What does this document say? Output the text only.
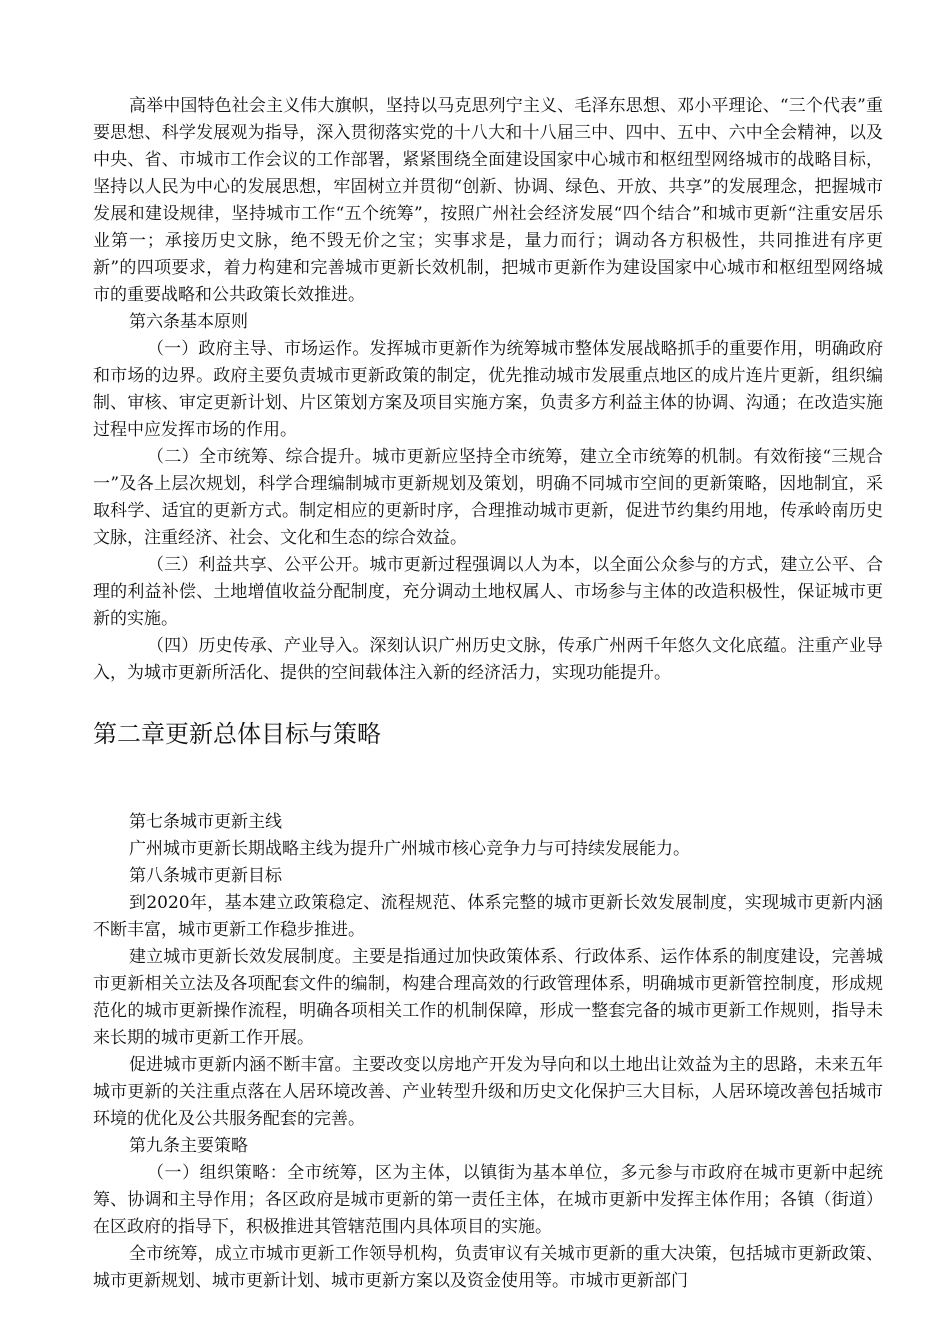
高举中国特色社会主义伟大旗帜，坚持以马克思列宁主义、毛泽东思想、邓小平理论、“三个代表”重要思想、科学发展观为指导，深入贯彻落实党的十八大和十八届三中、四中、五中、六中全会精神，以及中央、省、市城市工作会议的工作部署，紧紧围绕全面建设国家中心城市和枢纽型网络城市的战略目标，坚持以人民为中心的发展思想，牢固树立并贯彻“创新、协调、绿色、开放、共享”的发展理念，把握城市发展和建设规律，坚持城市工作“五个统筹”，按照广州社会经济发展“四个结合”和城市更新“注重安居乐业第一；承接历史文脉，绝不毁无价之宝；实事求是，量力而行；调动各方积极性，共同推进有序更新”的四项要求，着力构建和完善城市更新长效机制，把城市更新作为建设国家中心城市和枢纽型网络城市的重要战略和公共政策长效推进。

第六条基本原则

（一）政府主导、市场运作。发挥城市更新作为统筹城市整体发展战略抓手的重要作用，明确政府和市场的边界。政府主要负责城市更新政策的制定，优先推动城市发展重点地区的成片连片更新，组织编制、审核、审定更新计划、片区策划方案及项目实施方案，负责多方利益主体的协调、沟通；在改造实施过程中应发挥市场的作用。

（二）全市统筹、综合提升。城市更新应坚持全市统筹，建立全市统筹的机制。有效衔接“三规合一”及各上层次规划，科学合理编制城市更新规划及策划，明确不同城市空间的更新策略，因地制宜，采取科学、适宜的更新方式。制定相应的更新时序，合理推动城市更新，促进节约集约用地，传承岭南历史文脉，注重经济、社会、文化和生态的综合效益。

（三）利益共享、公平公开。城市更新过程强调以人为本，以全面公众参与的方式，建立公平、合理的利益补偿、土地增值收益分配制度，充分调动土地权属人、市场参与主体的改造积极性，保证城市更新的实施。

（四）历史传承、产业导入。深刻认识广州历史文脉，传承广州两千年悠久文化底蕴。注重产业导入，为城市更新所活化、提供的空间载体注入新的经济活力，实现功能提升。

第二章更新总体目标与策略

第七条城市更新主线

广州城市更新长期战略主线为提升广州城市核心竞争力与可持续发展能力。

第八条城市更新目标

到2020年，基本建立政策稳定、流程规范、体系完整的城市更新长效发展制度，实现城市更新内涵不断丰富，城市更新工作稳步推进。

建立城市更新长效发展制度。主要是指通过加快政策体系、行政体系、运作体系的制度建设，完善城市更新相关立法及各项配套文件的编制，构建合理高效的行政管理体系，明确城市更新管控制度，形成规范化的城市更新操作流程，明确各项相关工作的机制保障，形成一整套完备的城市更新工作规则，指导未来长期的城市更新工作开展。

促进城市更新内涵不断丰富。主要改变以房地产开发为导向和以土地出让效益为主的思路，未来五年城市更新的关注重点落在人居环境改善、产业转型升级和历史文化保护三大目标，人居环境改善包括城市环境的优化及公共服务配套的完善。

第九条主要策略

（一）组织策略：全市统筹，区为主体，以镇街为基本单位，多元参与市政府在城市更新中起统筹、协调和主导作用；各区政府是城市更新的第一责任主体，在城市更新中发挥主体作用；各镇（街道）在区政府的指导下，积极推进其管辖范围内具体项目的实施。

全市统筹，成立市城市更新工作领导机构，负责审议有关城市更新的重大决策，包括城市更新政策、城市更新规划、城市更新计划、城市更新方案以及资金使用等。市城市更新部门
